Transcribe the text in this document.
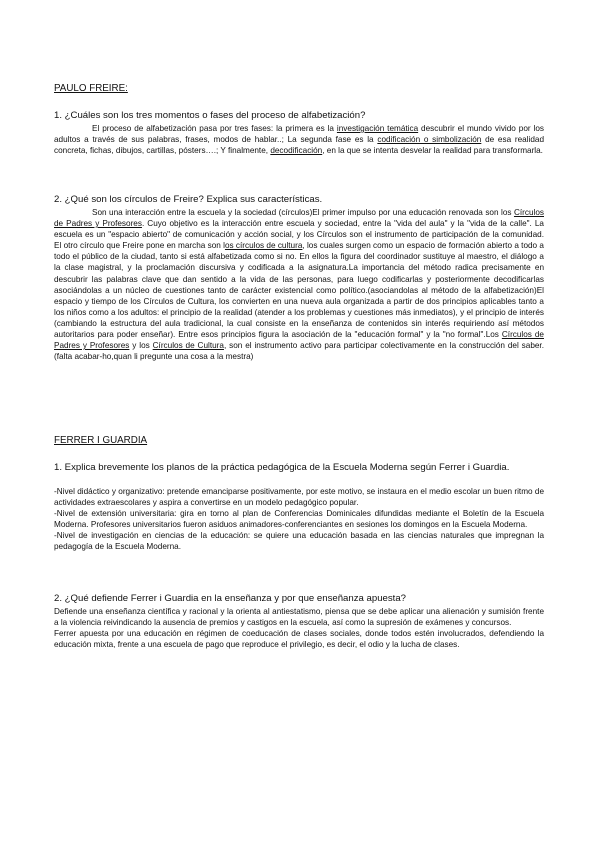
PAULO FREIRE:
1. ¿Cuáles son los tres momentos o fases del proceso de alfabetización?

El proceso de alfabetización pasa por tres fases: la primera es la investigación temática descubrir el mundo vivido por los adultos a través de sus palabras, frases, modos de hablar..; La segunda fase es la codificación o simbolización de esa realidad concreta, fichas, dibujos, cartillas, pósters….; Y finalmente, decodificación, en la que se intenta desvelar la realidad para transformarla.

2. ¿Qué son los círculos de Freire? Explica sus características.

Son una interacción entre la escuela y la sociedad (círculos)El primer impulso por una educación renovada son los Círculos de Padres y Profesores. Cuyo objetivo es la interacción entre escuela y sociedad, entre la "vida del aula" y la "vida de la calle". La escuela es un "espacio abierto" de comunicación y acción social, y los Círculos son el instrumento de participación de la comunidad. El otro círculo que Freire pone en marcha son los círculos de cultura, los cuales surgen como un espacio de formación abierto a todo a todo el público de la ciudad, tanto si está alfabetizada como si no. En ellos la figura del coordinador sustituye al maestro, el diálogo a la clase magistral, y la proclamación discursiva y codificada a la asignatura.La importancia del método radica precisamente en descubrir las palabras clave que dan sentido a la vida de las personas, para luego codificarlas y posteriormente decodificarlas asociándolas a un núcleo de cuestiones tanto de carácter existencial como político.(asociandolas al método de la alfabetización)El espacio y tiempo de los Círculos de Cultura, los convierten en una nueva aula organizada a partir de dos principios aplicables tanto a los niños como a los adultos: el principio de la realidad (atender a los problemas y cuestiones más inmediatos), y el principio de interés (cambiando la estructura del aula tradicional, la cual consiste en la enseñanza de contenidos sin interés requiriendo así métodos autoritarios para poder enseñar). Entre esos principios figura la asociación de la "educación formal" y la "no formal".Los Círculos de Padres y Profesores y los Círculos de Cultura, son el instrumento activo para participar colectivamente en la construcción del saber. (falta acabar-ho,quan li pregunte una cosa a la mestra)

FERRER I GUARDIA
1. Explica brevemente los planos de la práctica pedagógica de la Escuela Moderna según Ferrer i Guardia.

-Nivel didáctico y organizativo: pretende emanciparse positivamente, por este motivo, se instaura en el medio escolar un buen ritmo de actividades extraescolares y aspira a convertirse en un modelo pedagógico popular.

-Nivel de extensión universitaria: gira en torno al plan de Conferencias Dominicales difundidas mediante el Boletín de la Escuela Moderna. Profesores universitarios fueron asiduos animadores-conferenciantes en sesiones los domingos en la Escuela Moderna.

-Nivel de investigación en ciencias de la educación: se quiere una educación basada en las ciencias naturales que impregnan la pedagogía de la Escuela Moderna.

2. ¿Qué defiende Ferrer i Guardia en la enseñanza y por que enseñanza apuesta?

Defiende una enseñanza científica y racional y la orienta al antiestatismo, piensa que se debe aplicar una alienación y sumisión frente a la violencia reivindicando la ausencia de premios y castigos en la escuela, así como la supresión de exámenes y concursos.

Ferrer apuesta por una educación en régimen de coeducación de clases sociales, donde todos estén involucrados, defendiendo la educación mixta, frente a una escuela de pago que reproduce el privilegio, es decir, el odio y la lucha de clases.
